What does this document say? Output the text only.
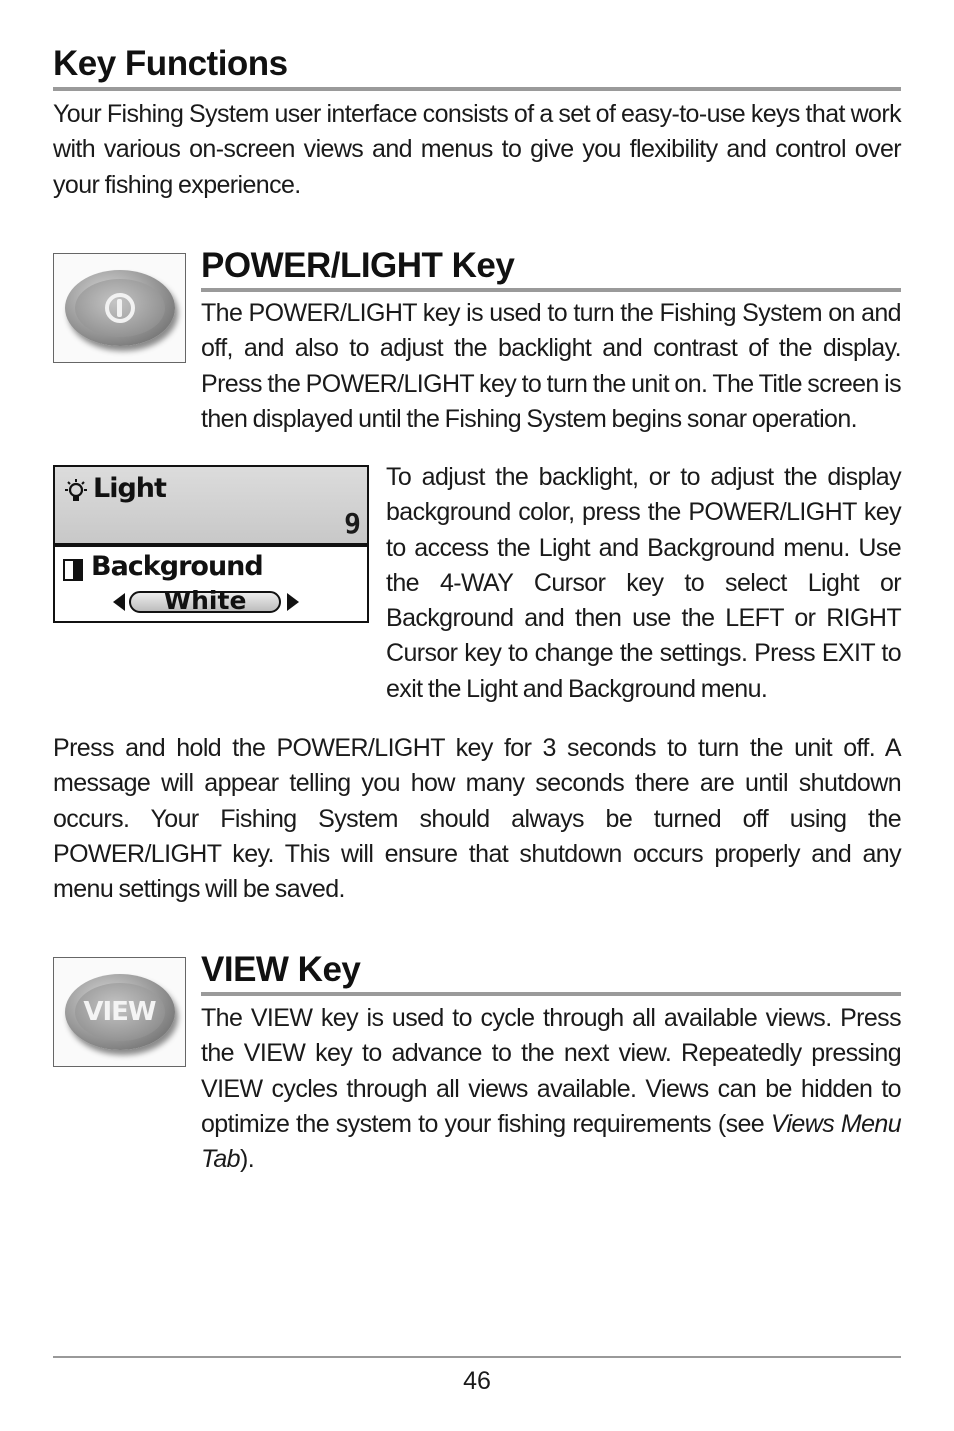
Key Functions

Your Fishing System user interface consists of a set of easy-to-use keys that work with various on-screen views and menus to give you flexibility and control over your fishing experience.

POWER/LIGHT Key

The POWER/LIGHT key is used to turn the Fishing System on and off, and also to adjust the backlight and contrast of the display. Press the POWER/LIGHT key to turn the unit on. The Title screen is then displayed until the Fishing System begins sonar operation.

Light
9
Background
White

To adjust the backlight, or to adjust the display background color, press the POWER/LIGHT key to access the Light and Background menu. Use the 4-WAY Cursor key to select Light or Background and then use the LEFT or RIGHT Cursor key to change the settings. Press EXIT to exit the Light and Background menu.

Press and hold the POWER/LIGHT key for 3 seconds to turn the unit off. A message will appear telling you how many seconds there are until shutdown occurs. Your Fishing System should always be turned off using the POWER/LIGHT key. This will ensure that shutdown occurs properly and any menu settings will be saved.

VIEW
VIEW Key

The VIEW key is used to cycle through all available views. Press the VIEW key to advance to the next view. Repeatedly pressing VIEW cycles through all views available. Views can be hidden to optimize the system to your fishing requirements (see Views Menu Tab).

46
